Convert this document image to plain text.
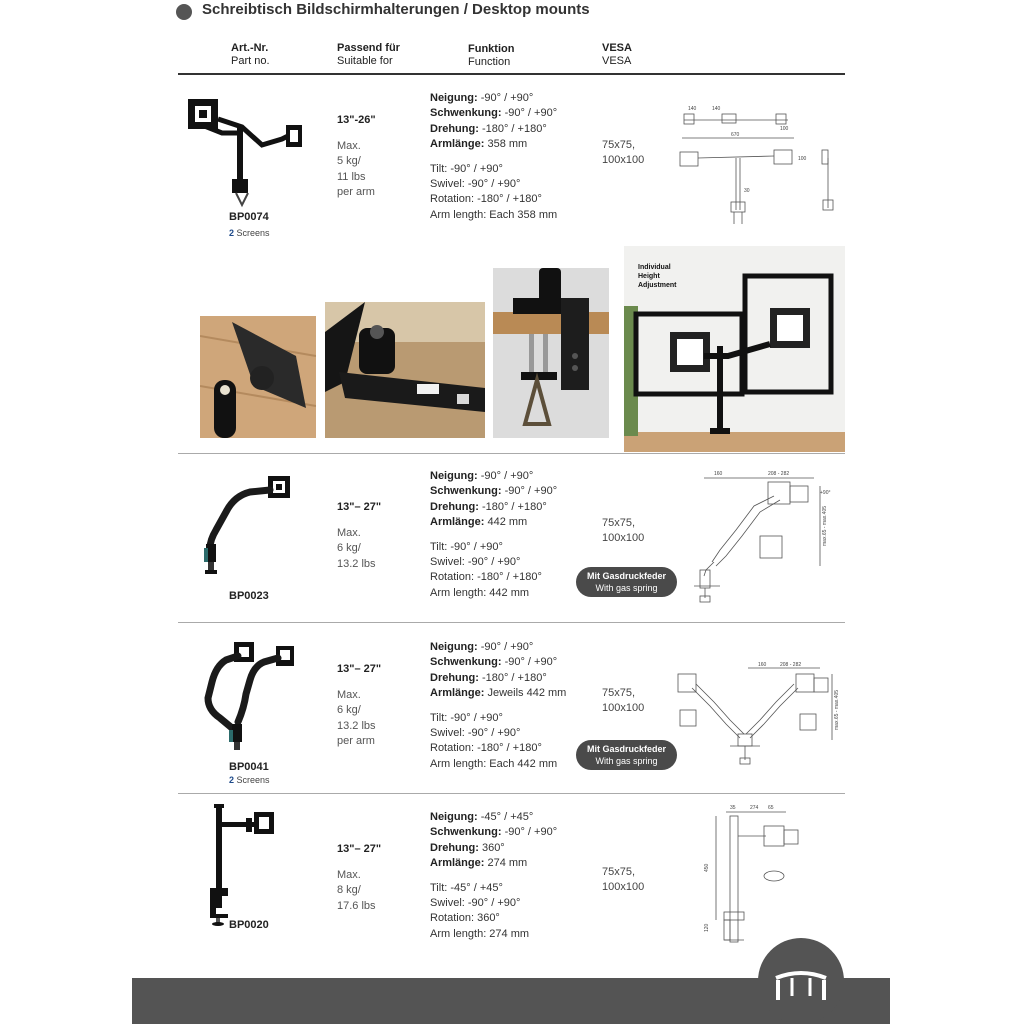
Schreibtisch Bildschirmhalterungen / Desktop mounts
Art.-Nr.
Part no.
Passend für
Suitable for
Funktion
Function
VESA
VESA
BP0074
2 Screens
13"-26"
Max.
5 kg/
11 lbs
per arm
Neigung: -90° / +90°
Schwenkung: -90° / +90°
Drehung: -180° / +180°
Armlänge: 358 mm
Tilt: -90° / +90°
Swivel: -90° / +90°
Rotation: -180° / +180°
Arm length: Each 358 mm
75x75,
100x100
140	140
670
100
100
30
Individual
Height
Adjustment
BP0023
13"– 27"
Max.
6 kg/
13.2 lbs
Neigung: -90° / +90°
Schwenkung: -90° / +90°
Drehung: -180° / +180°
Armlänge: 442 mm
Tilt: -90° / +90°
Swivel: -90° / +90°
Rotation: -180° / +180°
Arm length: 442 mm
75x75,
100x100
Mit Gasdruckfeder
With gas spring
160	208 - 282
max.65 - max.405
+90°
BP0041
2 Screens
13"– 27"
Max.
6 kg/
13.2 lbs
per arm
Neigung: -90° / +90°
Schwenkung: -90° / +90°
Drehung: -180° / +180°
Armlänge: Jeweils 442 mm
Tilt: -90° / +90°
Swivel: -90° / +90°
Rotation: -180° / +180°
Arm length: Each 442 mm
75x75,
100x100
Mit Gasdruckfeder
With gas spring
160	208 - 282
max.65 - max.405
BP0020
13"– 27"
Max.
8 kg/
17.6 lbs
Neigung: -45° / +45°
Schwenkung: -90° / +90°
Drehung: 360°
Armlänge: 274 mm
Tilt: -45° / +45°
Swivel: -90° / +90°
Rotation: 360°
Arm length: 274 mm
75x75,
100x100
35	274 65
450
120
